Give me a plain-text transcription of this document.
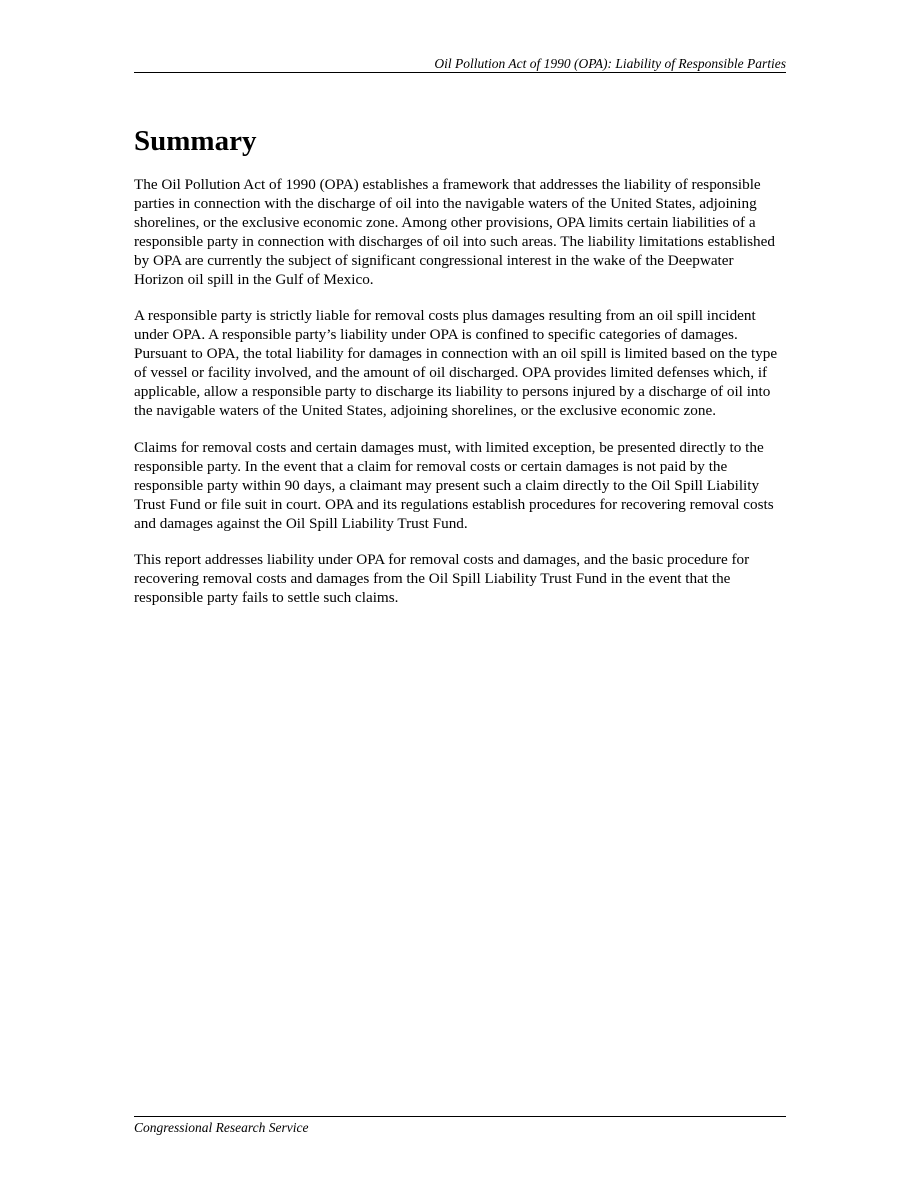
Oil Pollution Act of 1990 (OPA): Liability of Responsible Parties
Summary

The Oil Pollution Act of 1990 (OPA) establishes a framework that addresses the liability of responsible parties in connection with the discharge of oil into the navigable waters of the United States, adjoining shorelines, or the exclusive economic zone. Among other provisions, OPA limits certain liabilities of a responsible party in connection with discharges of oil into such areas. The liability limitations established by OPA are currently the subject of significant congressional interest in the wake of the Deepwater Horizon oil spill in the Gulf of Mexico.

A responsible party is strictly liable for removal costs plus damages resulting from an oil spill incident under OPA. A responsible party’s liability under OPA is confined to specific categories of damages. Pursuant to OPA, the total liability for damages in connection with an oil spill is limited based on the type of vessel or facility involved, and the amount of oil discharged. OPA provides limited defenses which, if applicable, allow a responsible party to discharge its liability to persons injured by a discharge of oil into the navigable waters of the United States, adjoining shorelines, or the exclusive economic zone.

Claims for removal costs and certain damages must, with limited exception, be presented directly to the responsible party. In the event that a claim for removal costs or certain damages is not paid by the responsible party within 90 days, a claimant may present such a claim directly to the Oil Spill Liability Trust Fund or file suit in court. OPA and its regulations establish procedures for recovering removal costs and damages against the Oil Spill Liability Trust Fund.

This report addresses liability under OPA for removal costs and damages, and the basic procedure for recovering removal costs and damages from the Oil Spill Liability Trust Fund in the event that the responsible party fails to settle such claims.

Congressional Research Service
